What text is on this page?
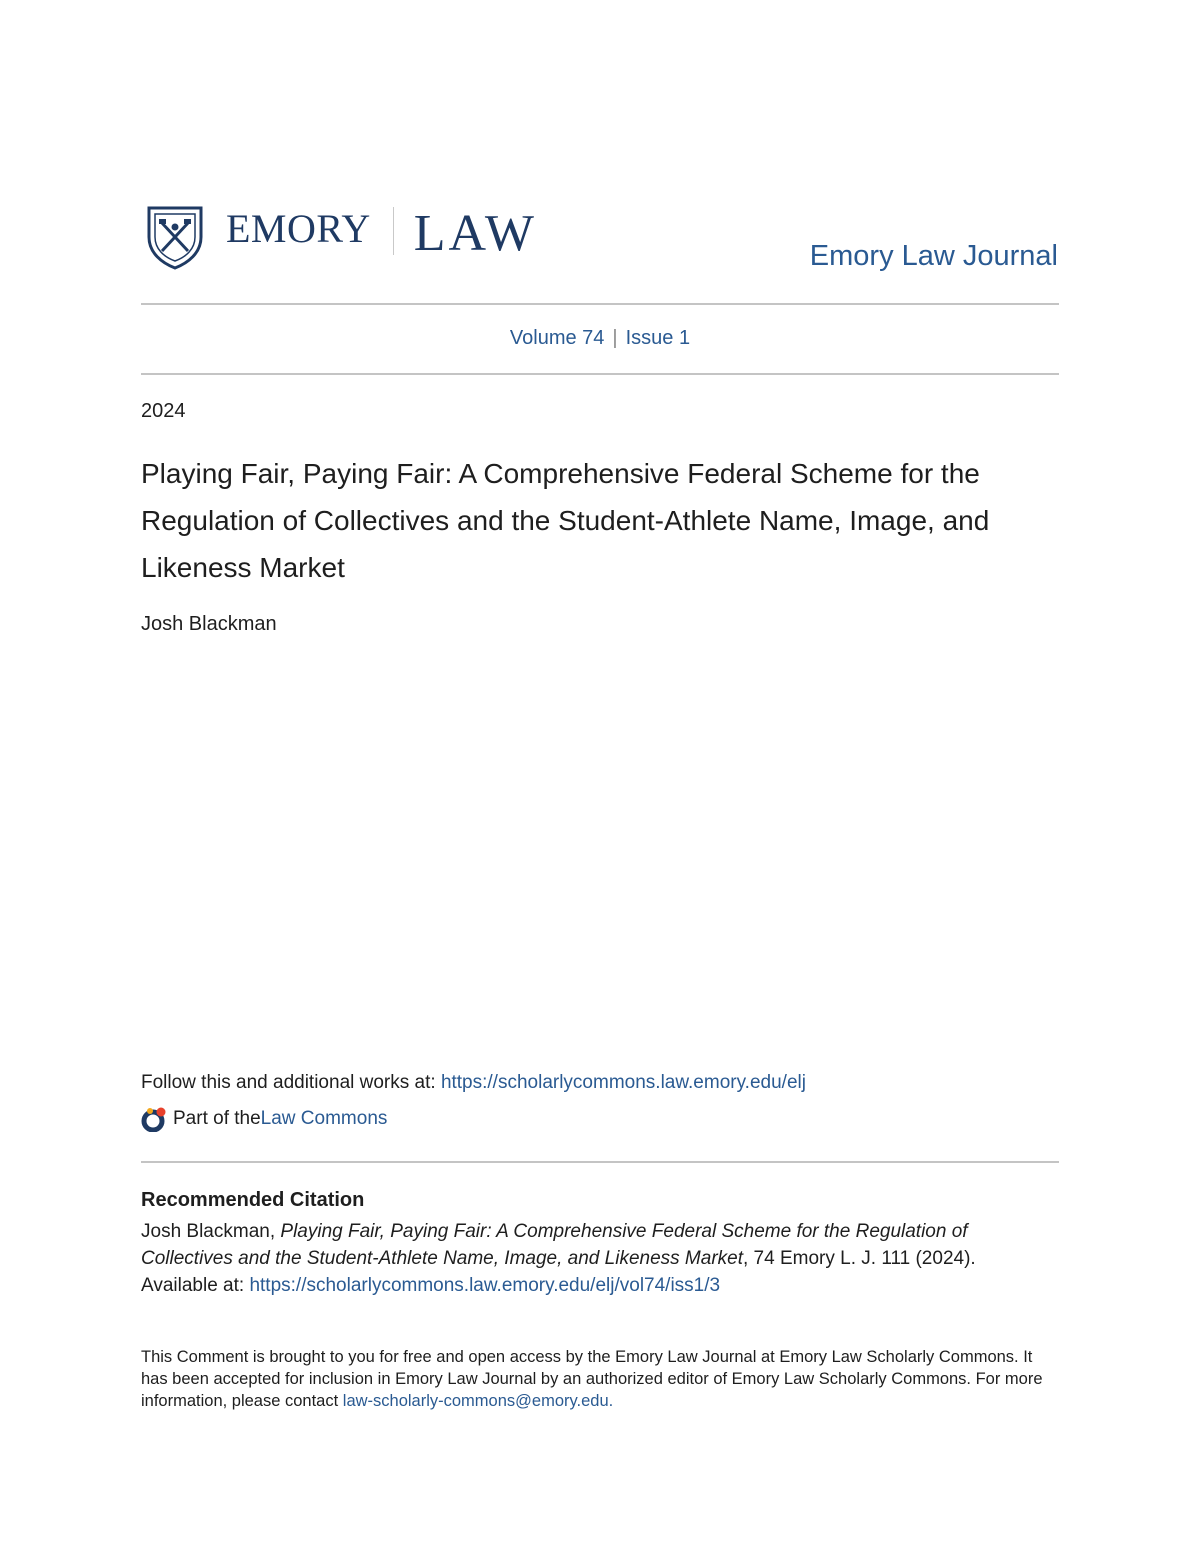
EMORY LAW	Emory Law Journal
Volume 74 | Issue 1
2024
Playing Fair, Paying Fair: A Comprehensive Federal Scheme for the Regulation of Collectives and the Student-Athlete Name, Image, and Likeness Market
Josh Blackman
Follow this and additional works at: https://scholarlycommons.law.emory.edu/elj
Part of the Law Commons
Recommended Citation
Josh Blackman, Playing Fair, Paying Fair: A Comprehensive Federal Scheme for the Regulation of Collectives and the Student-Athlete Name, Image, and Likeness Market, 74 Emory L. J. 111 (2024).
Available at: https://scholarlycommons.law.emory.edu/elj/vol74/iss1/3
This Comment is brought to you for free and open access by the Emory Law Journal at Emory Law Scholarly Commons. It has been accepted for inclusion in Emory Law Journal by an authorized editor of Emory Law Scholarly Commons. For more information, please contact law-scholarly-commons@emory.edu.
